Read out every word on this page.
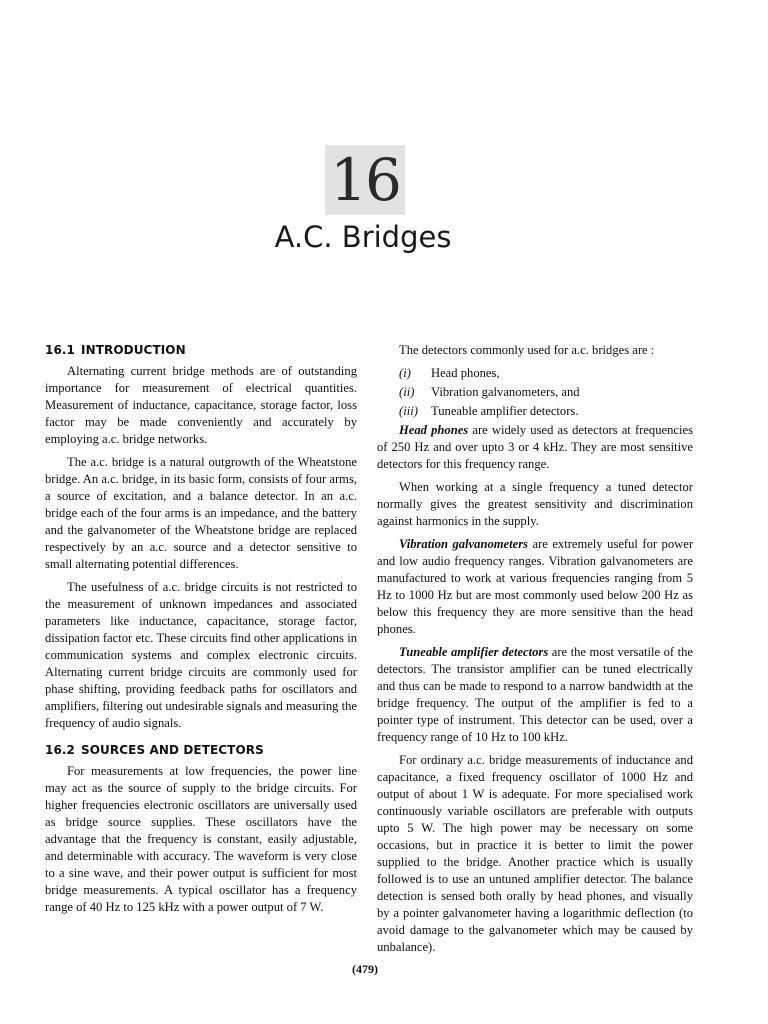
16
A.C. Bridges
16.1 INTRODUCTION

Alternating current bridge methods are of outstanding importance for measurement of electrical quantities. Measurement of inductance, capacitance, storage factor, loss factor may be made conveniently and accurately by employing a.c. bridge networks.

The a.c. bridge is a natural outgrowth of the Wheatstone bridge. An a.c. bridge, in its basic form, consists of four arms, a source of excitation, and a balance detector. In an a.c. bridge each of the four arms is an impedance, and the battery and the galvanometer of the Wheatstone bridge are replaced respectively by an a.c. source and a detector sensitive to small alternating potential differences.

The usefulness of a.c. bridge circuits is not restricted to the measurement of unknown impedances and associated parameters like inductance, capacitance, storage factor, dissipation factor etc. These circuits find other applications in communication systems and complex electronic circuits. Alternating current bridge circuits are commonly used for phase shifting, providing feedback paths for oscillators and amplifiers, filtering out undesirable signals and measuring the frequency of audio signals.

16.2 SOURCES AND DETECTORS

For measurements at low frequencies, the power line may act as the source of supply to the bridge circuits. For higher frequencies electronic oscillators are universally used as bridge source supplies. These oscillators have the advantage that the frequency is constant, easily adjustable, and determinable with accuracy. The waveform is very close to a sine wave, and their power output is sufficient for most bridge measurements. A typical oscillator has a frequency range of 40 Hz to 125 kHz with a power output of 7 W.

The detectors commonly used for a.c. bridges are :

(i) Head phones,
(ii) Vibration galvanometers, and
(iii) Tuneable amplifier detectors.

Head phones are widely used as detectors at frequencies of 250 Hz and over upto 3 or 4 kHz. They are most sensitive detectors for this frequency range.

When working at a single frequency a tuned detector normally gives the greatest sensitivity and discrimination against harmonics in the supply.

Vibration galvanometers are extremely useful for power and low audio frequency ranges. Vibration galvanometers are manufactured to work at various frequencies ranging from 5 Hz to 1000 Hz but are most commonly used below 200 Hz as below this frequency they are more sensitive than the head phones.

Tuneable amplifier detectors are the most versatile of the detectors. The transistor amplifier can be tuned electrically and thus can be made to respond to a narrow bandwidth at the bridge frequency. The output of the amplifier is fed to a pointer type of instrument. This detector can be used, over a frequency range of 10 Hz to 100 kHz.

For ordinary a.c. bridge measurements of inductance and capacitance, a fixed frequency oscillator of 1000 Hz and output of about 1 W is adequate. For more specialised work continuously variable oscillators are preferable with outputs upto 5 W. The high power may be necessary on some occasions, but in practice it is better to limit the power supplied to the bridge. Another practice which is usually followed is to use an untuned amplifier detector. The balance detection is sensed both orally by head phones, and visually by a pointer galvanometer having a logarithmic deflection (to avoid damage to the galvanometer which may be caused by unbalance).

(479)
